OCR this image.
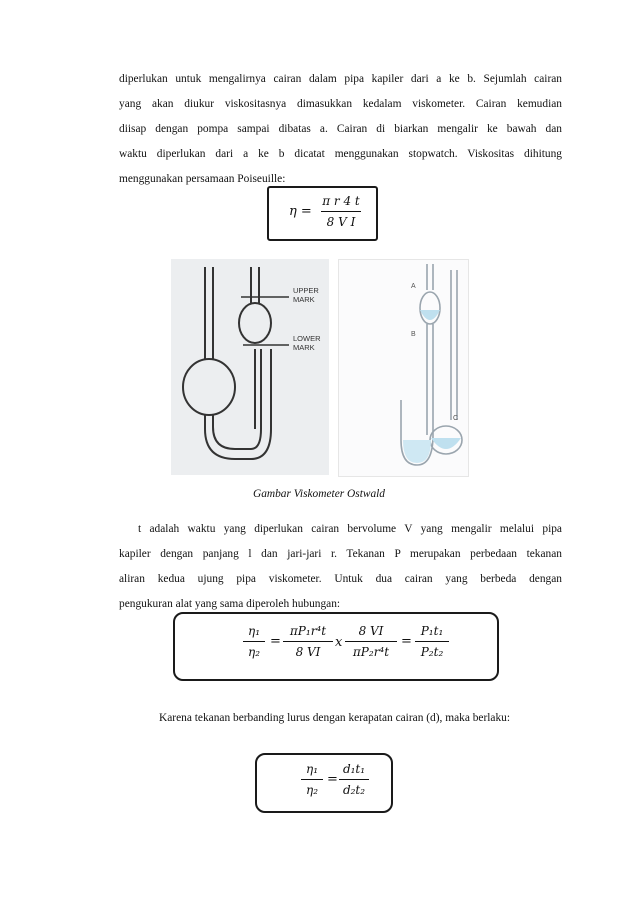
diperlukan untuk mengalirnya cairan dalam pipa kapiler dari a ke b. Sejumlah cairan
yang akan diukur viskositasnya dimasukkan kedalam viskometer. Cairan kemudian
diisap dengan pompa sampai dibatas a. Cairan di biarkan mengalir ke bawah dan
waktu diperlukan dari a ke b dicatat menggunakan stopwatch. Viskositas dihitung
menggunakan persamaan Poiseuille:
η =
π r 4 t
8 V I
UPPER
MARK
LOWER
MARK
A
B
C
Gambar Viskometer Ostwald
t adalah waktu yang diperlukan cairan bervolume V yang mengalir melalui pipa
kapiler dengan panjang l dan jari-jari r. Tekanan P merupakan perbedaan tekanan
aliran kedua ujung pipa viskometer. Untuk dua cairan yang berbeda dengan
pengukuran alat yang sama diperoleh hubungan:
η₁
η₂
=
πP₁r⁴t
8 VI
x
8 VI
πP₂r⁴t
=
P₁t₁
P₂t₂
Karena tekanan berbanding lurus dengan kerapatan cairan (d), maka berlaku:
η₁
η₂
=
d₁t₁
d₂t₂
